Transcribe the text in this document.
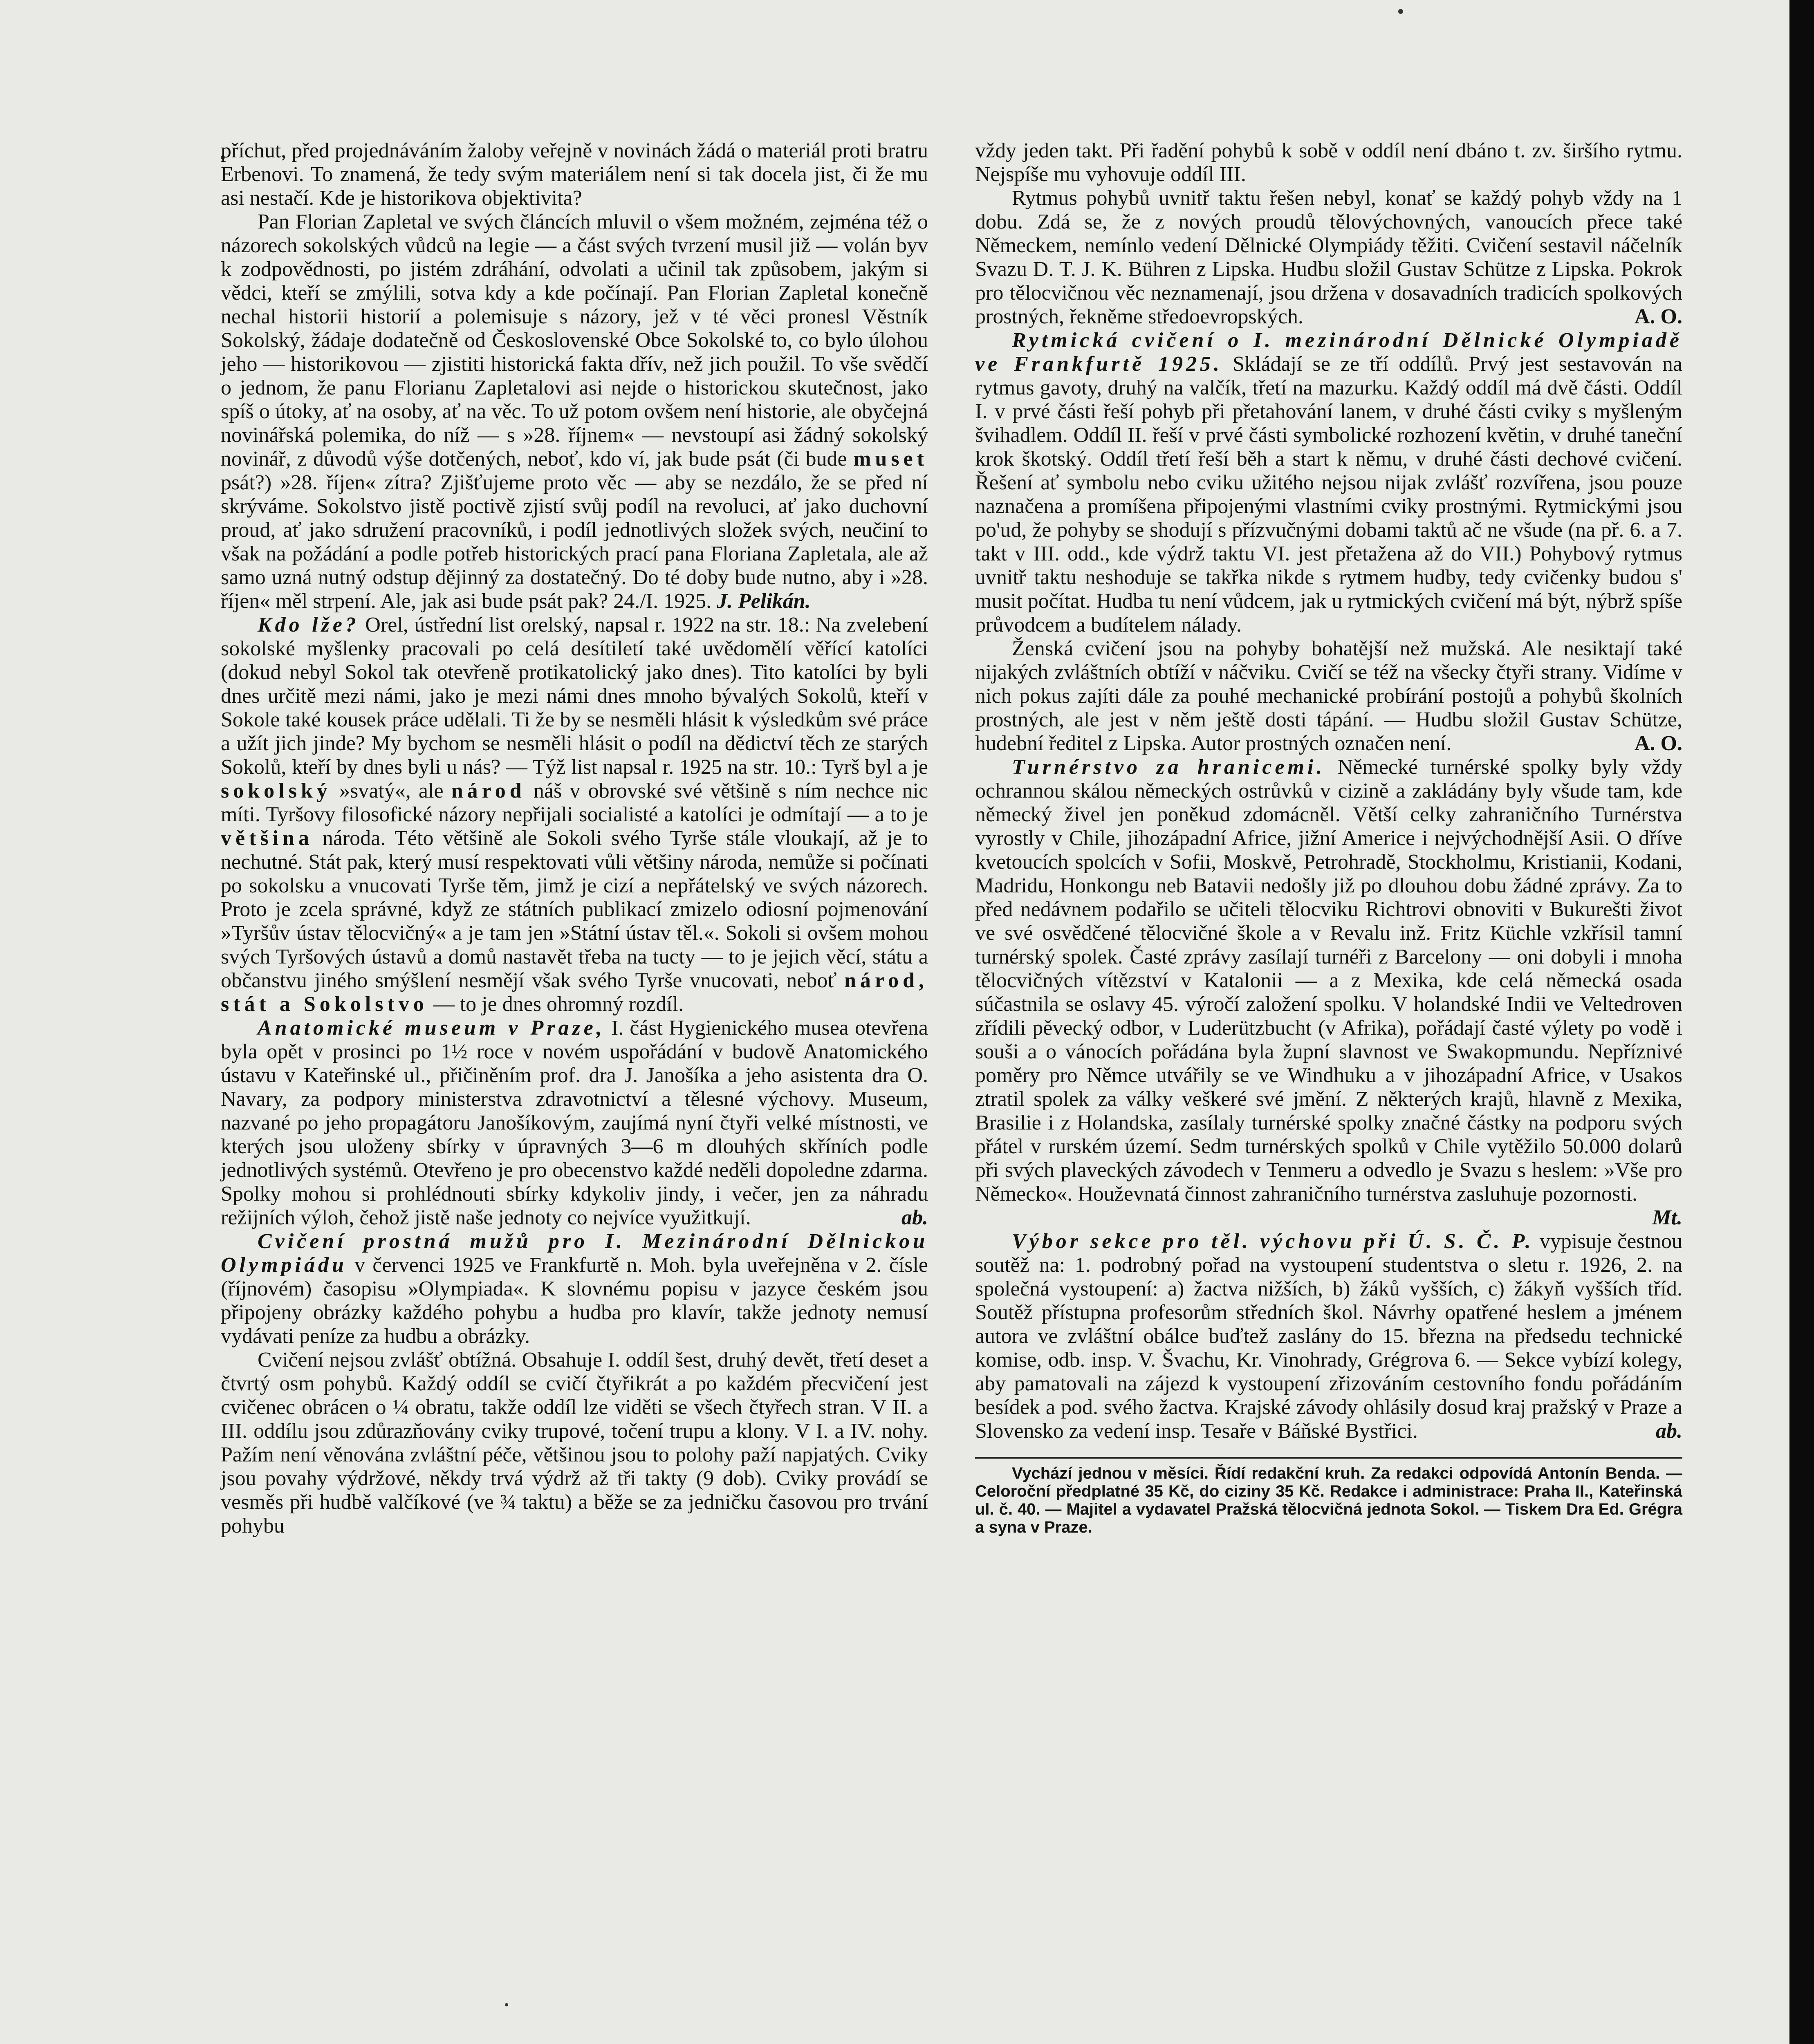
příchut, před projednáváním žaloby veřejně v novinách žádá o materiál proti bratru Erbenovi. To znamená, že tedy svým materiálem není si tak docela jist, či že mu asi nestačí. Kde je historikova objektivita?

Pan Florian Zapletal ve svých článcích mluvil o všem možném, zejména též o názorech sokolských vůdců na legie — a část svých tvrzení musil již — volán byv k zodpovědnosti, po jistém zdráhání, odvolati a učinil tak způsobem, jakým si vědci, kteří se zmýlili, sotva kdy a kde počínají. Pan Florian Zapletal konečně nechal historii historií a polemisuje s názory, jež v té věci pronesl Věstník Sokolský, žádaje dodatečně od Československé Obce Sokolské to, co bylo úlohou jeho — historikovou — zjistiti historická fakta dřív, než jich použil. To vše svědčí o jednom, že panu Florianu Zapletalovi asi nejde o historickou skutečnost, jako spíš o útoky, ať na osoby, ať na věc. To už potom ovšem není historie, ale obyčejná novinářská polemika, do níž — s »28. říjnem« — nevstoupí asi žádný sokolský novinář, z důvodů výše dotčených, neboť, kdo ví, jak bude psát (či bude muset psát?) »28. říjen« zítra? Zjišťujeme proto věc — aby se nezdálo, že se před ní skrýváme. Sokolstvo jistě poctivě zjistí svůj podíl na revoluci, ať jako duchovní proud, ať jako sdružení pracovníků, i podíl jednotlivých složek svých, neučiní to však na požádání a podle potřeb historických prací pana Floriana Zapletala, ale až samo uzná nutný odstup dějinný za dostatečný. Do té doby bude nutno, aby i »28. říjen« měl strpení. Ale, jak asi bude psát pak? 24./I. 1925. J. Pelikán.

Kdo lže? Orel, ústřední list orelský, napsal r. 1922 na str. 18.: Na zvelebení sokolské myšlenky pracovali po celá desítiletí také uvědomělí věřící katolíci (dokud nebyl Sokol tak otevřeně protikatolický jako dnes). Tito katolíci by byli dnes určitě mezi námi, jako je mezi námi dnes mnoho bývalých Sokolů, kteří v Sokole také kousek práce udělali. Ti že by se nesměli hlásit k výsledkům své práce a užít jich jinde? My bychom se nesměli hlásit o podíl na dědictví těch ze starých Sokolů, kteří by dnes byli u nás? — Týž list napsal r. 1925 na str. 10.: Tyrš byl a je sokolský »svatý«, ale národ náš v obrovské své většině s ním nechce nic míti. Tyršovy filosofické názory nepřijali socialisté a katolíci je odmítají — a to je většina národa. Této většině ale Sokoli svého Tyrše stále vloukají, až je to nechutné. Stát pak, který musí respektovati vůli většiny národa, nemůže si počínati po sokolsku a vnucovati Tyrše těm, jimž je cizí a nepřátelský ve svých názorech. Proto je zcela správné, když ze státních publikací zmizelo odiosní pojmenování »Tyršův ústav tělocvičný« a je tam jen »Státní ústav těl.«. Sokoli si ovšem mohou svých Tyršových ústavů a domů nastavět třeba na tucty — to je jejich věcí, státu a občanstvu jiného smýšlení nesmějí však svého Tyrše vnucovati, neboť národ, stát a Sokolstvo — to je dnes ohromný rozdíl.

Anatomické museum v Praze, I. část Hygienického musea otevřena byla opět v prosinci po 1½ roce v novém uspořádání v budově Anatomického ústavu v Kateřinské ul., přičiněním prof. dra J. Janošíka a jeho asistenta dra O. Navary, za podpory ministerstva zdravotnictví a tělesné výchovy. Museum, nazvané po jeho propagátoru Janošíkovým, zaujímá nyní čtyři velké místnosti, ve kterých jsou uloženy sbírky v úpravných 3—6 m dlouhých skříních podle jednotlivých systémů. Otevřeno je pro obecenstvo každé neděli dopoledne zdarma. Spolky mohou si prohlédnouti sbírky kdykoliv jindy, i večer, jen za náhradu režijních výloh, čehož jistě naše jednoty co nejvíce využitkují.	ab.

Cvičení prostná mužů pro I. Mezinárodní Dělnickou Olympiádu v červenci 1925 ve Frankfurtě n. Moh. byla uveřejněna v 2. čísle (říjnovém) časopisu »Olympiada«. K slovnému popisu v jazyce českém jsou připojeny obrázky každého pohybu a hudba pro klavír, takže jednoty nemusí vydávati peníze za hudbu a obrázky.

Cvičení nejsou zvlášť obtížná. Obsahuje I. oddíl šest, druhý devět, třetí deset a čtvrtý osm pohybů. Každý oddíl se cvičí čtyřikrát a po každém přecvičení jest cvičenec obrácen o ¼ obratu, takže oddíl lze viděti se všech čtyřech stran. V II. a III. oddílu jsou zdůrazňovány cviky trupové, točení trupu a klony. V I. a IV. nohy. Pažím není věnována zvláštní péče, většinou jsou to polohy paží napjatých. Cviky jsou povahy výdržové, někdy trvá výdrž až tři takty (9 dob). Cviky provádí se vesměs při hudbě valčíkové (ve ¾ taktu) a běže se za jedničku časovou pro trvání pohybu

vždy jeden takt. Při řadění pohybů k sobě v oddíl není dbáno t. zv. širšího rytmu. Nejspíše mu vyhovuje oddíl III.

Rytmus pohybů uvnitř taktu řešen nebyl, konať se každý pohyb vždy na 1 dobu. Zdá se, že z nových proudů tělovýchovných, vanoucích přece také Německem, nemínlo vedení Dělnické Olympiády těžiti. Cvičení sestavil náčelník Svazu D. T. J. K. Bühren z Lipska. Hudbu složil Gustav Schütze z Lipska. Pokrok pro tělocvičnou věc neznamenají, jsou držena v dosavadních tradicích spolkových prostných, řekněme středoevropských.	A. O.

Rytmická cvičení o I. mezinárodní Dělnické Olympiadě ve Frankfurtě 1925. Skládají se ze tří oddílů. Prvý jest sestavován na rytmus gavoty, druhý na valčík, třetí na mazurku. Každý oddíl má dvě části. Oddíl I. v prvé části řeší pohyb při přetahování lanem, v druhé části cviky s myšleným švihadlem. Oddíl II. řeší v prvé části symbolické rozhození květin, v druhé taneční krok škotský. Oddíl třetí řeší běh a start k němu, v druhé části dechové cvičení. Řešení ať symbolu nebo cviku užitého nejsou nijak zvlášť rozvířena, jsou pouze naznačena a promíšena připojenými vlastními cviky prostnými. Rytmickými jsou po'ud, že pohyby se shodují s přízvučnými dobami taktů ač ne všude (na př. 6. a 7. takt v III. odd., kde výdrž taktu VI. jest přetažena až do VII.) Pohybový rytmus uvnitř taktu neshoduje se takřka nikde s rytmem hudby, tedy cvičenky budou s' musit počítat. Hudba tu není vůdcem, jak u rytmických cvičení má být, nýbrž spíše průvodcem a budítelem nálady.

Ženská cvičení jsou na pohyby bohatější než mužská. Ale nesiktají také nijakých zvláštních obtíží v náčviku. Cvičí se též na všecky čtyři strany. Vidíme v nich pokus zajíti dále za pouhé mechanické probírání postojů a pohybů školních prostných, ale jest v něm ještě dosti tápání. — Hudbu složil Gustav Schütze, hudební ředitel z Lipska. Autor prostných označen není.	A. O.

Turnérstvo za hranicemi. Německé turnérské spolky byly vždy ochrannou skálou německých ostrůvků v cizině a zakládány byly všude tam, kde německý živel jen poněkud zdomácněl. Větší celky zahraničního Turnérstva vyrostly v Chile, jihozápadní Africe, jižní Americe i nejvýchodnější Asii. O dříve kvetoucích spolcích v Sofii, Moskvě, Petrohradě, Stockholmu, Kristianii, Kodani, Madridu, Honkongu neb Batavii nedošly již po dlouhou dobu žádné zprávy. Za to před nedávnem podařilo se učiteli tělocviku Richtrovi obnoviti v Bukurešti život ve své osvědčené tělocvičné škole a v Revalu inž. Fritz Küchle vzkřísil tamní turnérský spolek. Časté zprávy zasílají turnéři z Barcelony — oni dobyli i mnoha tělocvičných vítězství v Katalonii — a z Mexika, kde celá německá osada súčastnila se oslavy 45. výročí založení spolku. V holandské Indii ve Veltedroven zřídili pěvecký odbor, v Luderützbucht (v Afrika), pořádají časté výlety po vodě i souši a o vánocích pořádána byla župní slavnost ve Swakopmundu. Nepříznivé poměry pro Němce utvářily se ve Windhuku a v jihozápadní Africe, v Usakos ztratil spolek za války veškeré své jmění. Z některých krajů, hlavně z Mexika, Brasilie i z Holandska, zasílaly turnérské spolky značné částky na podporu svých přátel v rurském území. Sedm turnérských spolků v Chile vytěžilo 50.000 dolarů při svých plaveckých závodech v Tenmeru a odvedlo je Svazu s heslem: »Vše pro Německo«. Houževnatá činnost zahraničního turnérstva zasluhuje pozornosti.
Mt.

Výbor sekce pro těl. výchovu při Ú. S. Č. P. vypisuje čestnou soutěž na: 1. podrobný pořad na vystoupení studentstva o sletu r. 1926, 2. na společná vystoupení: a) žactva nižších, b) žáků vyšších, c) žákyň vyšších tříd. Soutěž přístupna profesorům středních škol. Návrhy opatřené heslem a jménem autora ve zvláštní obálce buďtež zaslány do 15. března na předsedu technické komise, odb. insp. V. Švachu, Kr. Vinohrady, Grégrova 6. — Sekce vybízí kolegy, aby pamatovali na zájezd k vystoupení zřizováním cestovního fondu pořádáním besídek a pod. svého žactva. Krajské závody ohlásily dosud kraj pražský v Praze a Slovensko za vedení insp. Tesaře v Báňské Bystřici.	ab.

Vychází jednou v měsíci. Řídí redakční kruh. Za redakci odpovídá Antonín Benda. — Celoroční předplatné 35 Kč, do ciziny 35 Kč. Redakce i administrace: Praha II., Kateřinská ul. č. 40. — Majitel a vydavatel Pražská tělocvičná jednota Sokol. — Tiskem Dra Ed. Grégra a syna v Praze.
